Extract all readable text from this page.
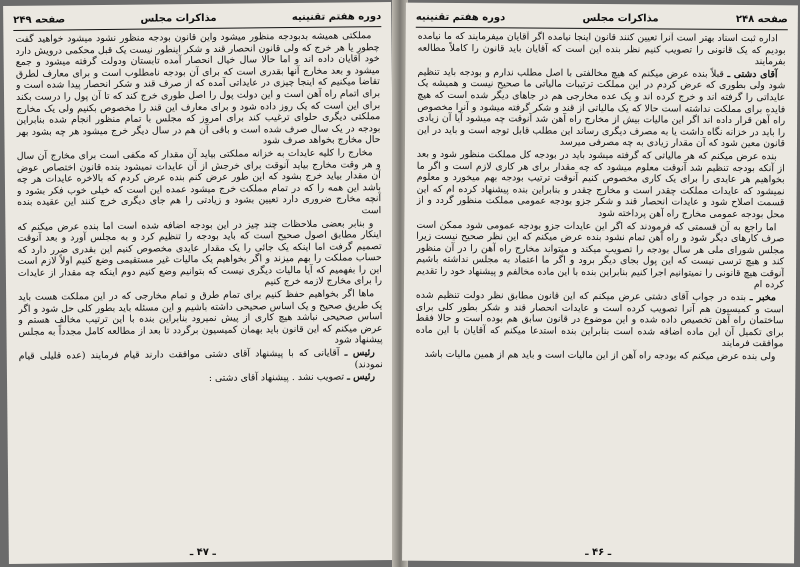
دوره هفتم تقنینیه
مذاکرات مجلس
صفحه ۲۴۹

مملکتی همیشه بدبودجه منظور میشود واین قانون بودجه منظور نشود میشود خواهید گفت چطور یا هر خرج که ولی قانون انحصار قند و شکر اینطور نیست یک قبل محکمی درویش دارد خود آقایان داده اند و اما حالا سال خیال انحصار آمده تابستان ودولت گرفته میشود و جمع میشود و بعد مخارج آنها بقدری است که برای آن بودجه نامطلوب است و برای معارف لطرق تقاضا میکنیم که اینجا چیزی در عایداتی آمده که از صرف قند و شکر انحصار پیدا شده است و برای اتمام راه آهن است و این دولت پول را اصل طوری خرج کند که تا آن پول را درست بکند برای این است که یک روز داده شود و برای معارف این قند را مخصوص بکنیم ولی یک مخارج مملکتی دیگری حلوای ترغیب کند برای امروز که مجلس با تمام منظور انجام شده بنابراین بودجه در یک سال صرف شده است و باقی آن هم در سال دیگر خرج میشود هر چه بشود بهر حال مخارج بخواهد صرف شود

مخارج را کلیه عایدات به خزانه مملکتی بیاید آن مقدار که مکفی است برای مخارج آن سال و هر وقت مخارج بیاید آنوقت برای خرجش از آن عایدات نمیشود بنده قانون اختصاص عوض آن مقدار بیاید خرج بشود که این طور عرض کنم بنده عرض کردم که بالاخره عایدات هر چه باشد این همه را که در تمام مملکت خرج میشود عمده این است که خیلی خوب فکر بشود و آنچه مخارج ضروری دارد تعیین بشود و زیادتی را هم جای دیگری خرج کنند این عقیده بنده است

و بنابر بعضی ملاحظات چند چیز در این بودجه اضافه شده است اما بنده عرض میکنم که اینکار مطابق اصول صحیح است که باید بودجه را تنظیم کرد و به مجلس آورد و بعد آنوقت تصمیم گرفت اما اینکه یک جائی را یک مقدار عایدی مخصوص کنیم این بقدری ضرر دارد که حساب مملکت را بهم میزند و اگر بخواهیم یک مالیات غیر مستقیمی وضع کنیم اولاً لازم است این را بفهمیم که آیا مالیات دیگری نیست که بتوانیم وضع کنیم دوم اینکه چه مقدار از عایدات را برای مخارج لازمه خرج کنیم

ماها اگر بخواهیم حفظ کنیم برای تمام طرق و تمام مخارجی که در این مملکت هست باید یک طریق صحیح و یک اساس صحیحی داشته باشیم و این مسئله باید بطور کلی حل شود و اگر اساس صحیحی نباشد هیچ کاری از پیش نمیرود بنابراین بنده با این ترتیب مخالف هستم و عرض میکنم که این قانون باید بهمان کمیسیون برگردد تا بعد از مطالعه کامل مجدداً به مجلس پیشنهاد شود

رئیس ـ آقایانی که با پیشنهاد آقای دشتی موافقت دارند قیام فرمایند (عده قلیلی قیام نمودند)

رئیس ـ تصویب نشد . پیشنهاد آقای دشتی :

ـ ۴۷ ـ
صفحه ۲۴۸
مذاکرات مجلس
دوره هفتم تقنینیه

اداره ثبت اسناد بهتر است آنرا تعیین کنند قانون اینجا نیامده اگر آقایان میفرمایند که ما نیامده بودیم که یک قانونی را تصویب کنیم نظر بنده این است که آقایان باید قانون را کاملاً مطالعه بفرمایند

آقای دشتی ـ قبلاً بنده عرض میکنم که هیچ مخالفتی با اصل مطلب ندارم و بودجه باید تنظیم شود ولی بطوری که عرض کردم در این مملکت ترتیبات مالیاتی ما صحیح نیست و همیشه یک عایداتی را گرفته اند و خرج کرده اند و یک عده مخارجی هم در جاهای دیگر شده است که هیچ فایده برای مملکت نداشته است حالا که یک مالیاتی از قند و شکر گرفته میشود و آنرا مخصوص راه آهن قرار داده اند اگر این مالیات بیش از مخارج راه آهن شد آنوقت چه میشود آیا آن زیادی را باید در خزانه نگاه داشت یا به مصرف دیگری رساند این مطلب قابل توجه است و باید در این قانون معین شود که آن مقدار زیادی به چه مصرفی میرسد

بنده عرض میکنم که هر مالیاتی که گرفته میشود باید در بودجه کل مملکت منظور شود و بعد از آنکه بودجه تنظیم شد آنوقت معلوم میشود که چه مقدار برای هر کاری لازم است و اگر ما بخواهیم هر عایدی را برای یک کاری مخصوص کنیم آنوقت ترتیب بودجه بهم میخورد و معلوم نمیشود که عایدات مملکت چقدر است و مخارج چقدر و بنابراین بنده پیشنهاد کرده ام که این قسمت اصلاح شود و عایدات انحصار قند و شکر جزو بودجه عمومی مملکت منظور گردد و از محل بودجه عمومی مخارج راه آهن پرداخته شود

اما راجع به آن قسمتی که فرمودند که اگر این عایدات جزو بودجه عمومی شود ممکن است صرف کارهای دیگر شود و راه آهن تمام نشود بنده عرض میکنم که این نظر صحیح نیست زیرا مجلس شورای ملی هر سال بودجه را تصویب میکند و میتواند مخارج راه آهن را در آن منظور کند و هیچ ترسی نیست که این پول بجای دیگر برود و اگر ما اعتماد به مجلس نداشته باشیم آنوقت هیچ قانونی را نمیتوانیم اجرا کنیم بنابراین بنده با این ماده مخالفم و پیشنهاد خود را تقدیم کرده ام

مخبر ـ بنده در جواب آقای دشتی عرض میکنم که این قانون مطابق نظر دولت تنظیم شده است و کمیسیون هم آنرا تصویب کرده است و عایدات انحصار قند و شکر بطور کلی برای ساختمان راه آهن تخصیص داده شده و این موضوع در قانون سابق هم بوده است و حالا فقط برای تکمیل آن این ماده اضافه شده است بنابراین بنده استدعا میکنم که آقایان با این ماده موافقت فرمایند

ولی بنده عرض میکنم که بودجه راه آهن از این مالیات است و باید هم از همین مالیات باشد

ـ ۴۶ ـ
